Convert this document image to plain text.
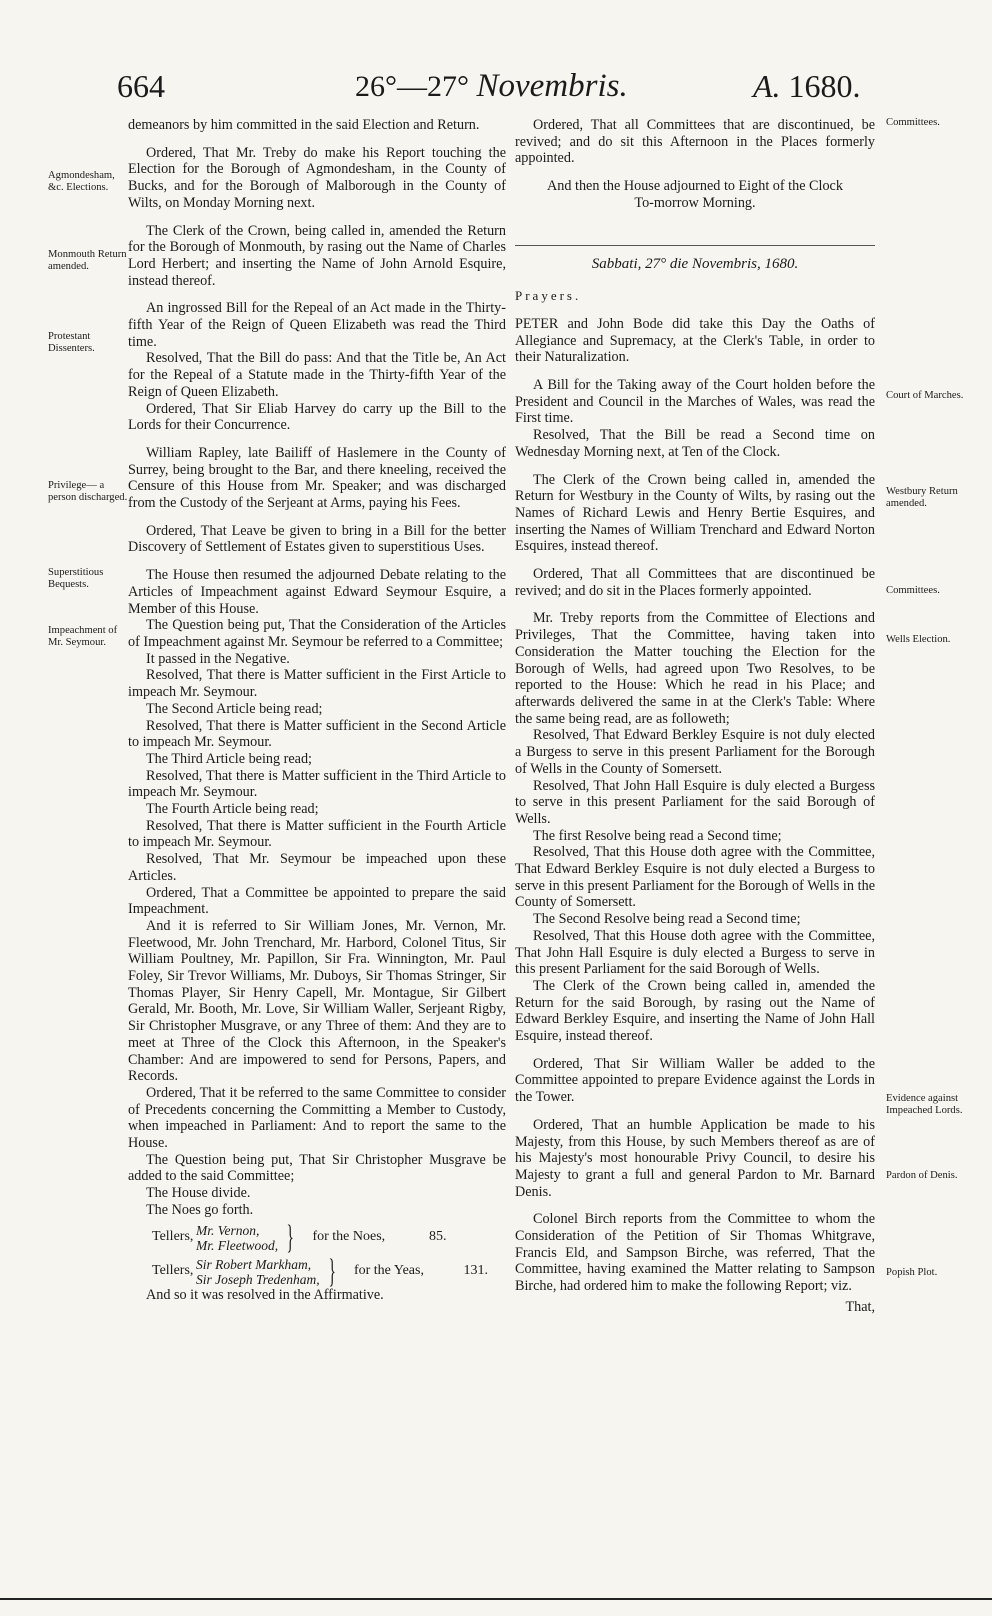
664	26°—27° Novembris.	A. 1680.
Agmondesham, &c. Elections.
Monmouth Return amended.
Protestant Dissenters.
Privilege— a person discharged.
Superstitious Bequests.
Impeachment of Mr. Seymour.
Committees.
Court of Marches.
Westbury Return amended.
Committees.
Wells Election.
Evidence against Impeached Lords.
Pardon of Denis.
Popish Plot.

demeanors by him committed in the said Election and Return.

Ordered, That Mr. Treby do make his Report touching the Election for the Borough of Agmondesham, in the County of Bucks, and for the Borough of Malborough in the County of Wilts, on Monday Morning next.

The Clerk of the Crown, being called in, amended the Return for the Borough of Monmouth, by rasing out the Name of Charles Lord Herbert; and inserting the Name of John Arnold Esquire, instead thereof.

An ingrossed Bill for the Repeal of an Act made in the Thirty-fifth Year of the Reign of Queen Elizabeth was read the Third time.

Resolved, That the Bill do pass: And that the Title be, An Act for the Repeal of a Statute made in the Thirty-fifth Year of the Reign of Queen Elizabeth.

Ordered, That Sir Eliab Harvey do carry up the Bill to the Lords for their Concurrence.

William Rapley, late Bailiff of Haslemere in the County of Surrey, being brought to the Bar, and there kneeling, received the Censure of this House from Mr. Speaker; and was discharged from the Custody of the Serjeant at Arms, paying his Fees.

Ordered, That Leave be given to bring in a Bill for the better Discovery of Settlement of Estates given to superstitious Uses.

The House then resumed the adjourned Debate relating to the Articles of Impeachment against Edward Seymour Esquire, a Member of this House.

The Question being put, That the Consideration of the Articles of Impeachment against Mr. Seymour be referred to a Committee;

It passed in the Negative.

Resolved, That there is Matter sufficient in the First Article to impeach Mr. Seymour.

The Second Article being read;

Resolved, That there is Matter sufficient in the Second Article to impeach Mr. Seymour.

The Third Article being read;

Resolved, That there is Matter sufficient in the Third Article to impeach Mr. Seymour.

The Fourth Article being read;

Resolved, That there is Matter sufficient in the Fourth Article to impeach Mr. Seymour.

Resolved, That Mr. Seymour be impeached upon these Articles.

Ordered, That a Committee be appointed to prepare the said Impeachment.

And it is referred to Sir William Jones, Mr. Vernon, Mr. Fleetwood, Mr. John Trenchard, Mr. Harbord, Colonel Titus, Sir William Poultney, Mr. Papillon, Sir Fra. Winnington, Mr. Paul Foley, Sir Trevor Williams, Mr. Duboys, Sir Thomas Stringer, Sir Thomas Player, Sir Henry Capell, Mr. Montague, Sir Gilbert Gerald, Mr. Booth, Mr. Love, Sir William Waller, Serjeant Rigby, Sir Christopher Musgrave, or any Three of them: And they are to meet at Three of the Clock this Afternoon, in the Speaker's Chamber: And are impowered to send for Persons, Papers, and Records.

Ordered, That it be referred to the same Committee to consider of Precedents concerning the Committing a Member to Custody, when impeached in Parliament: And to report the same to the House.

The Question being put, That Sir Christopher Musgrave be added to the said Committee;

The House divide.

The Noes go forth.

Tellers, Mr. Vernon,
Mr. Fleetwood, } for the Noes,	85.
Tellers, Sir Robert Markham,
Sir Joseph Tredenham, } for the Yeas,	131.

And so it was resolved in the Affirmative.

Ordered, That all Committees that are discontinued, be revived; and do sit this Afternoon in the Places formerly appointed.

And then the House adjourned to Eight of the Clock To-morrow Morning.

Sabbati, 27° die Novembris, 1680.

Prayers.

PETER and John Bode did take this Day the Oaths of Allegiance and Supremacy, at the Clerk's Table, in order to their Naturalization.

A Bill for the Taking away of the Court holden before the President and Council in the Marches of Wales, was read the First time.

Resolved, That the Bill be read a Second time on Wednesday Morning next, at Ten of the Clock.

The Clerk of the Crown being called in, amended the Return for Westbury in the County of Wilts, by rasing out the Names of Richard Lewis and Henry Bertie Esquires, and inserting the Names of William Trenchard and Edward Norton Esquires, instead thereof.

Ordered, That all Committees that are discontinued be revived; and do sit in the Places formerly appointed.

Mr. Treby reports from the Committee of Elections and Privileges, That the Committee, having taken into Consideration the Matter touching the Election for the Borough of Wells, had agreed upon Two Resolves, to be reported to the House: Which he read in his Place; and afterwards delivered the same in at the Clerk's Table: Where the same being read, are as followeth;

Resolved, That Edward Berkley Esquire is not duly elected a Burgess to serve in this present Parliament for the Borough of Wells in the County of Somersett.

Resolved, That John Hall Esquire is duly elected a Burgess to serve in this present Parliament for the said Borough of Wells.

The first Resolve being read a Second time;

Resolved, That this House doth agree with the Committee, That Edward Berkley Esquire is not duly elected a Burgess to serve in this present Parliament for the Borough of Wells in the County of Somersett.

The Second Resolve being read a Second time;

Resolved, That this House doth agree with the Committee, That John Hall Esquire is duly elected a Burgess to serve in this present Parliament for the said Borough of Wells.

The Clerk of the Crown being called in, amended the Return for the said Borough, by rasing out the Name of Edward Berkley Esquire, and inserting the Name of John Hall Esquire, instead thereof.

Ordered, That Sir William Waller be added to the Committee appointed to prepare Evidence against the Lords in the Tower.

Ordered, That an humble Application be made to his Majesty, from this House, by such Members thereof as are of his Majesty's most honourable Privy Council, to desire his Majesty to grant a full and general Pardon to Mr. Barnard Denis.

Colonel Birch reports from the Committee to whom the Consideration of the Petition of Sir Thomas Whitgrave, Francis Eld, and Sampson Birche, was referred, That the Committee, having examined the Matter relating to Sampson Birche, had ordered him to make the following Report; viz.

That,
